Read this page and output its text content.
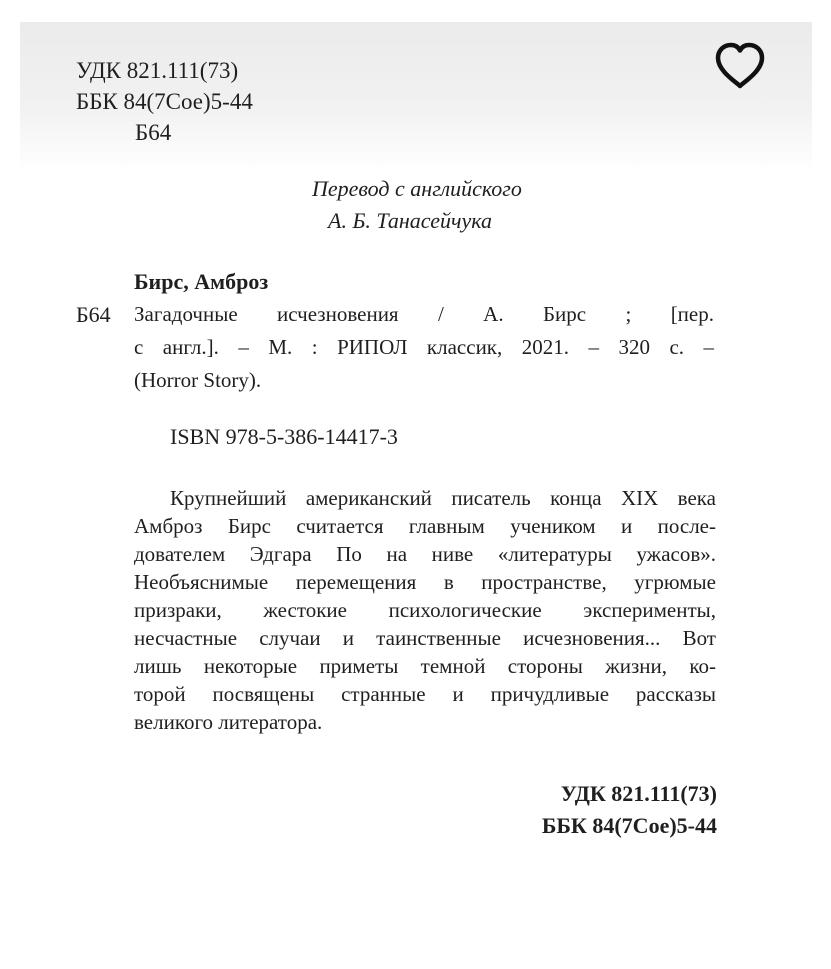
УДК 821.111(73)
ББК 84(7Сое)5-44
Б64
Перевод с английского
А. Б. Танасейчука
Бирс, Амброз
Б64 Загадочные исчезновения / А. Бирс ; [пер.
с англ.]. – М. : РИПОЛ классик, 2021. – 320 с. –
(Horror Story).
ISBN 978-5-386-14417-3
Крупнейший американский писатель конца XIX века
Амброз Бирс считается главным учеником и после-
дователем Эдгара По на ниве «литературы ужасов».
Необъяснимые перемещения в пространстве, угрюмые
призраки, жестокие психологические эксперименты,
несчастные случаи и таинственные исчезновения... Вот
лишь некоторые приметы темной стороны жизни, ко-
торой посвящены странные и причудливые рассказы
великого литератора.
УДК 821.111(73)
ББК 84(7Сое)5-44
